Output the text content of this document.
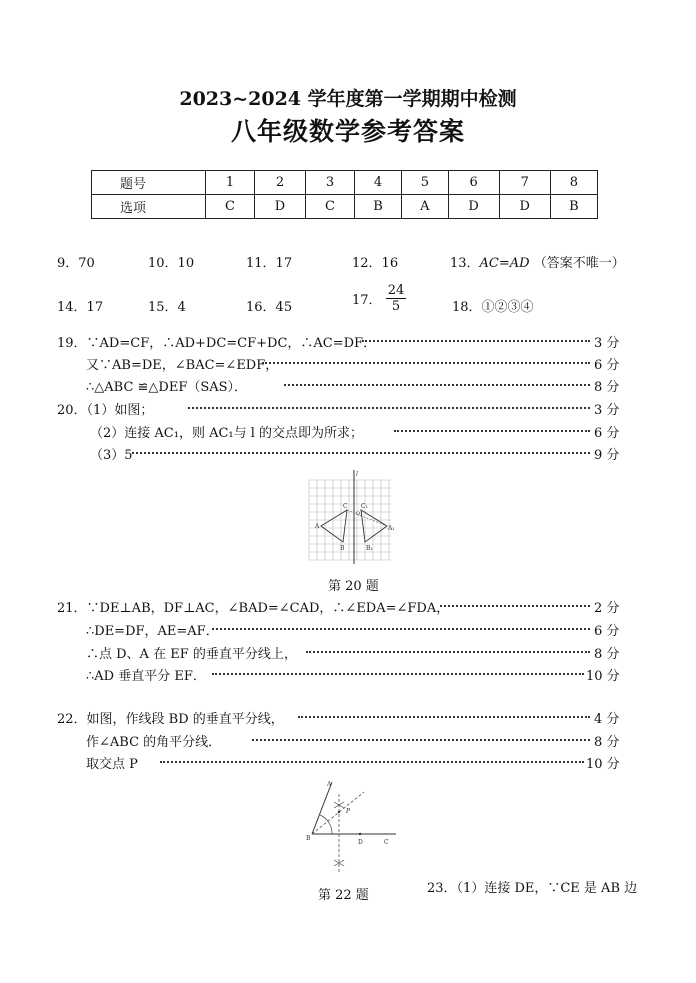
2023~2024 学年度第一学期期中检测
八年级数学参考答案
题号	1	2	3	4	5	6	7	8
选项	C	D	C	B	A	D	D	B
9．70	10．10	11．17	12．16	13．AC=AD （答案不唯一）
14．17	15．4	16．45	17． $\frac{24}{5}$	18．①②③④
19．∵AD=CF，∴AD+DC=CF+DC，∴AC=DF．	3 分
又∵AB=DE，∠BAC=∠EDF，	6 分
∴△ABC ≌△DEF（SAS）．	8 分
20．（1）如图；	3 分
（2）连接 AC₁，则 AC₁与 l 的交点即为所求；	6 分
（3）5	9 分
l
A
B
C C₁
A₁
B₁
Q
第 20 题
21．∵DE⊥AB，DF⊥AC，∠BAD=∠CAD，∴∠EDA=∠FDA，	2 分
∴DE=DF，AE=AF．	6 分
∴点 D、A 在 EF 的垂直平分线上，	8 分
∴AD 垂直平分 EF．	10 分
22．如图，作线段 BD 的垂直平分线，	4 分
作∠ABC 的角平分线．	8 分
取交点 P	10 分
A
P
B
D	C
第 22 题	23．（1）连接 DE，∵CE 是 AB 边
